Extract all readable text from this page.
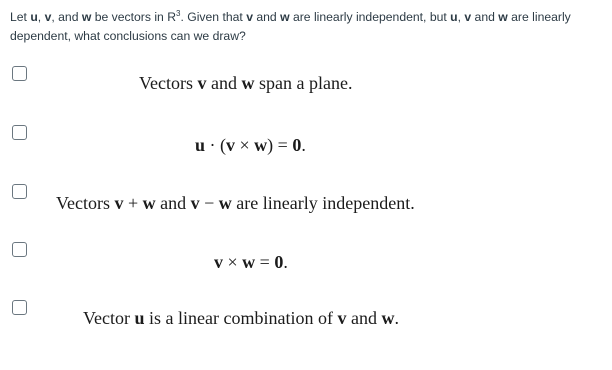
Let u, v, and w be vectors in $R^3$. Given that v and w are linearly independent, but u, v and w are linearly dependent, what conclusions can we draw?
Vectors v and w span a plane.
u · (v × w) = 0.
Vectors v + w and v − w are linearly independent.
v × w = 0.
Vector u is a linear combination of v and w.
